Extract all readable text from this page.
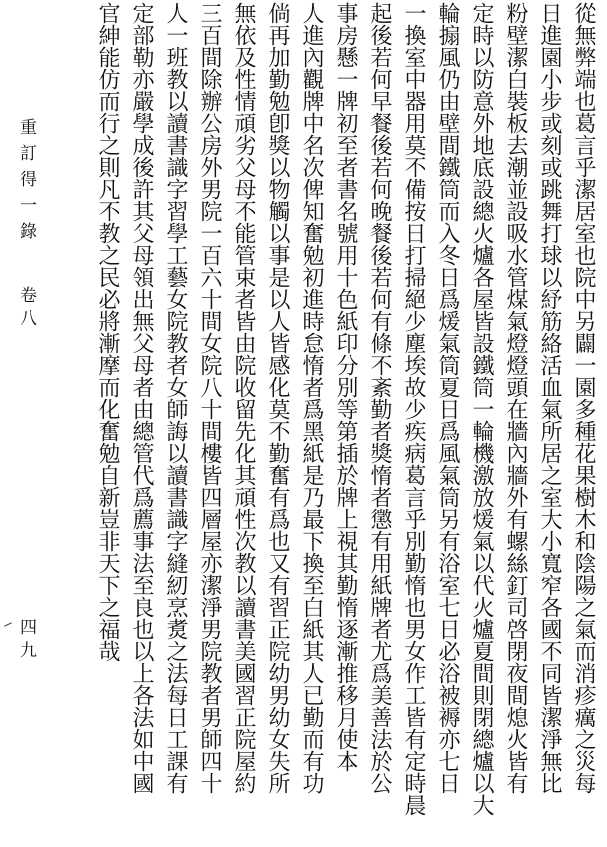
從無弊端也葛言乎潔居室也院中另闢一園多種花果樹木和陰陽之氣而消疹癘之災每
日進園小步或刻或跳舞打球以紓筋絡活血氣所居之室大小寬窄各國不同皆潔淨無比
粉壁潔白裝板去潮並設吸水管煤氣燈燈頭在牆內牆外有螺絲釘司啓閉夜間熄火皆有
定時以防意外地底設總火爐各屋皆設鐵筒一輪機激放煖氣以代火爐夏間則閉總爐以大
輪搧風仍由壁間鐵筒而入冬日爲煖氣筒夏日爲風氣筒另有浴室七日必浴被褥亦七日
一換室中器用莫不備按日打掃絕少塵埃故少疾病葛言乎別勤惰也男女作工皆有定時晨
起後若何早餐後若何晚餐後若何有條不紊勤者獎惰者懲有用紙牌者尤爲美善法於公
事房懸一牌初至者書名號用十色紙印分別等第插於牌上視其勤惰逐漸推移月使本
人進內觀牌中名次俾知奮勉初進時怠惰者爲黑紙是乃最下換至白紙其人已勤而有功
倘再加勤勉卽獎以物觸以事是以人皆感化莫不勤奮有爲也又有習正院幼男幼女失所
無依及性情頑劣父母不能管束者皆由院收留先化其頑性次教以讀書美國習正院屋約
三百間除辦公房外男院一百六十間女院八十間樓皆四層屋亦潔淨男院教者男師四十
人一班教以讀書識字習學工藝女院教者女師誨以讀書識字縫紉烹煑之法每日工課有
定部勒亦嚴學成後許其父母領出無父母者由總管代爲薦事法至良也以上各法如中國
官紳能仿而行之則凡不教之民必將漸摩而化奮勉自新豈非天下之福哉
重訂得一錄
卷八
四九
